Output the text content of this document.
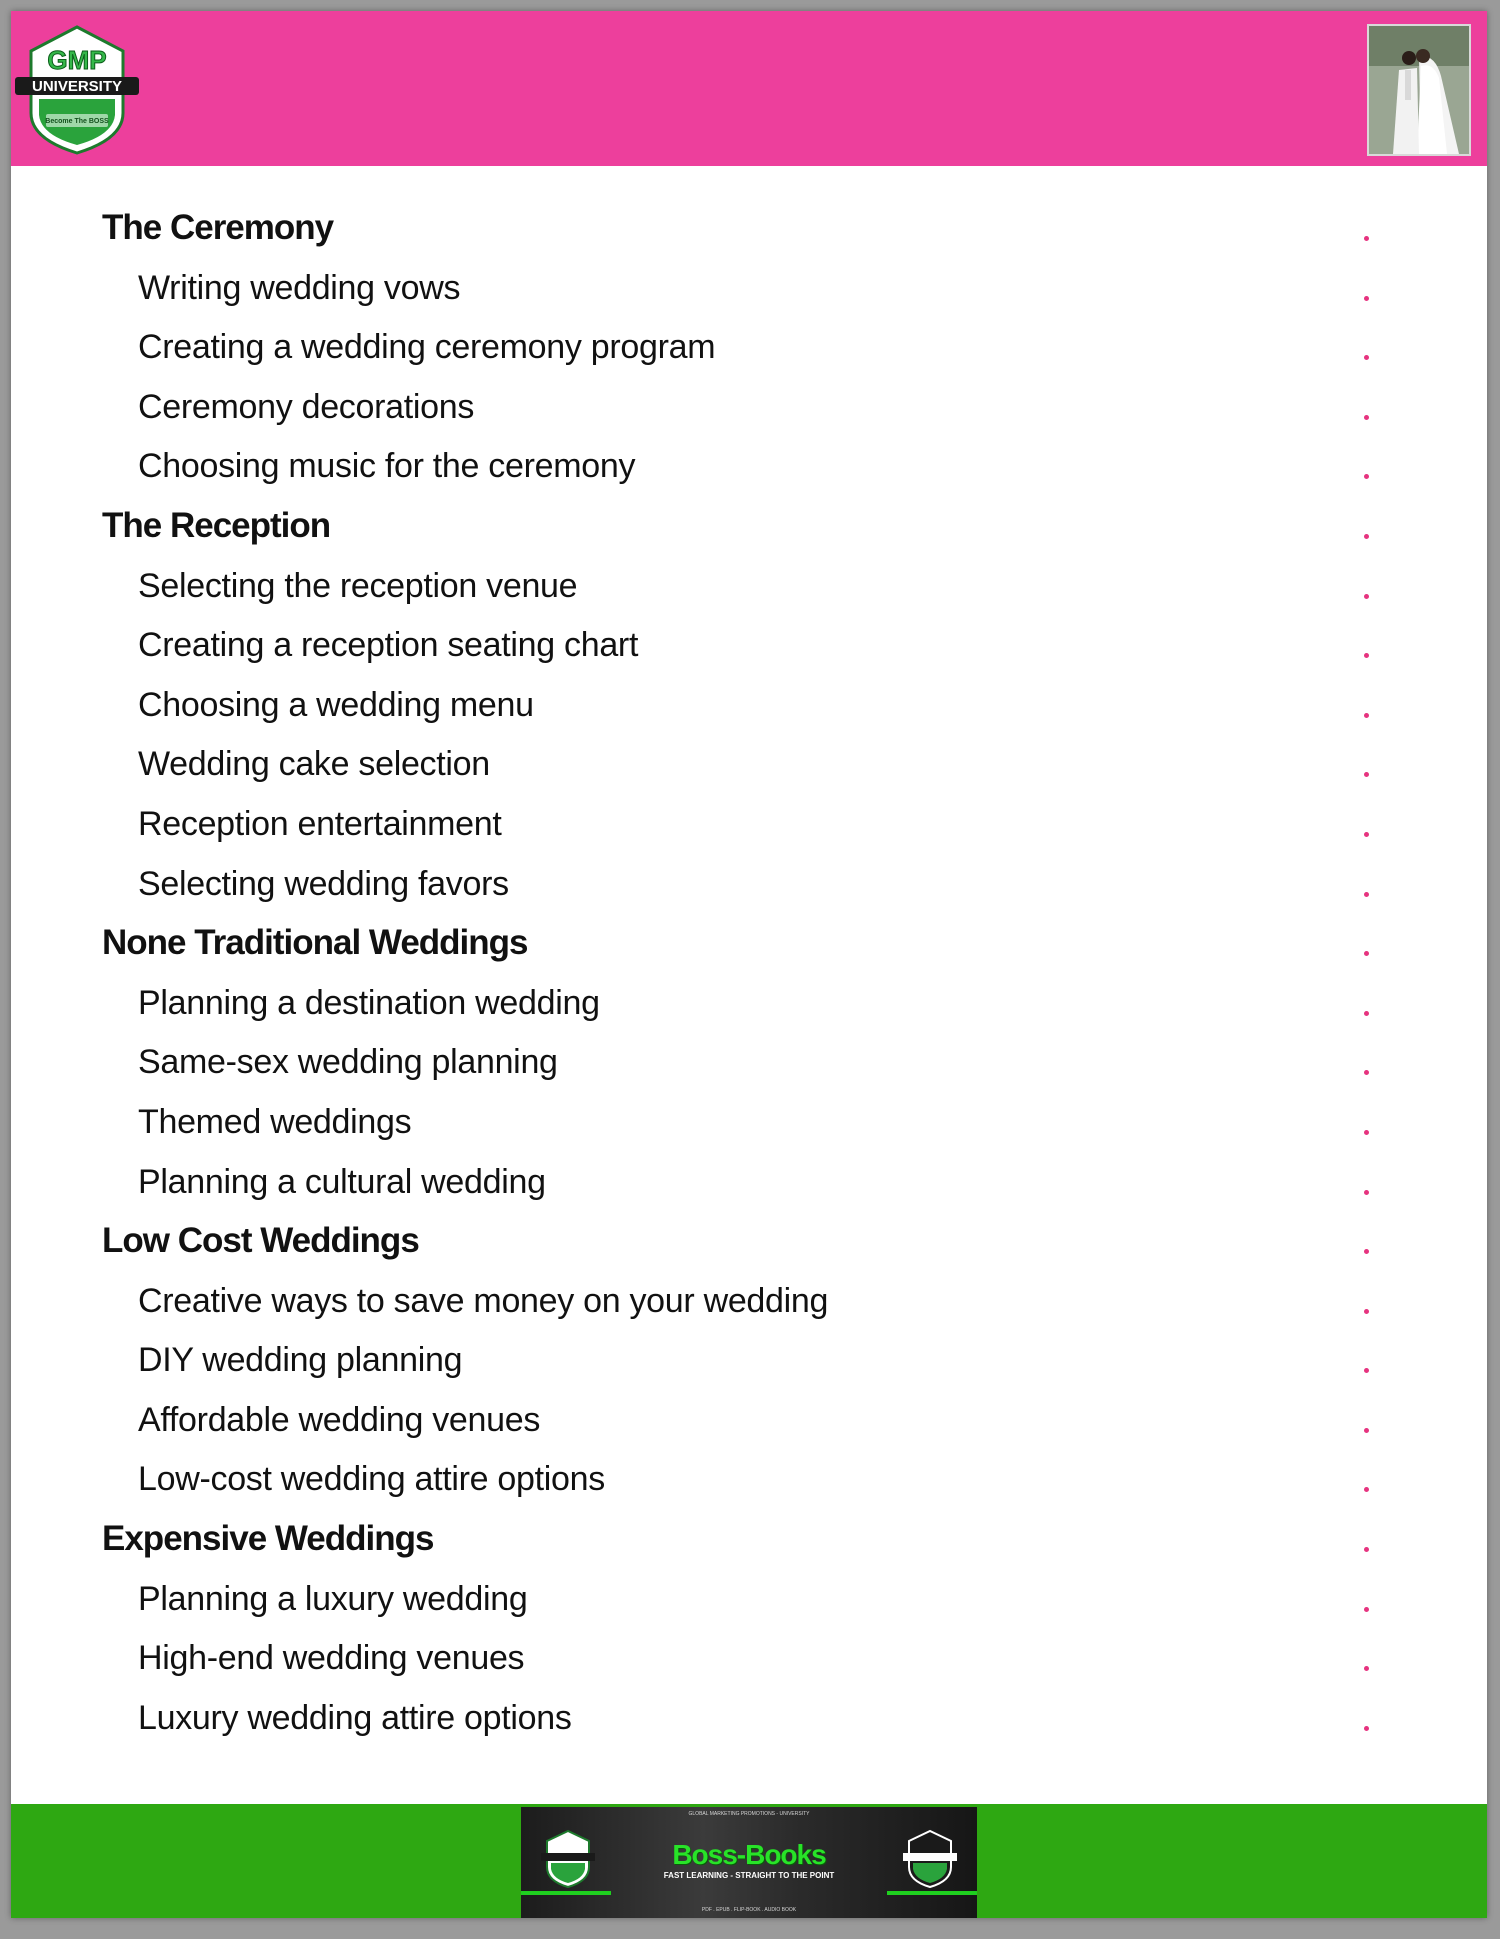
Become The BOSS
GMP
UNIVERSITY
The Ceremony
Writing wedding vows
Creating a wedding ceremony program
Ceremony decorations
Choosing music for the ceremony
The Reception
Selecting the reception venue
Creating a reception seating chart
Choosing a wedding menu
Wedding cake selection
Reception entertainment
Selecting wedding favors
None Traditional Weddings
Planning a destination wedding
Same-sex wedding planning
Themed weddings
Planning a cultural wedding
Low Cost Weddings
Creative ways to save money on your wedding
DIY wedding planning
Affordable wedding venues
Low-cost wedding attire options
Expensive Weddings
Planning a luxury wedding
High-end wedding venues
Luxury wedding attire options
GLOBAL MARKETING PROMOTIONS - UNIVERSITY
Boss-Books
FAST LEARNING - STRAIGHT TO THE POINT
PDF . EPUB . FLIP-BOOK . AUDIO BOOK
